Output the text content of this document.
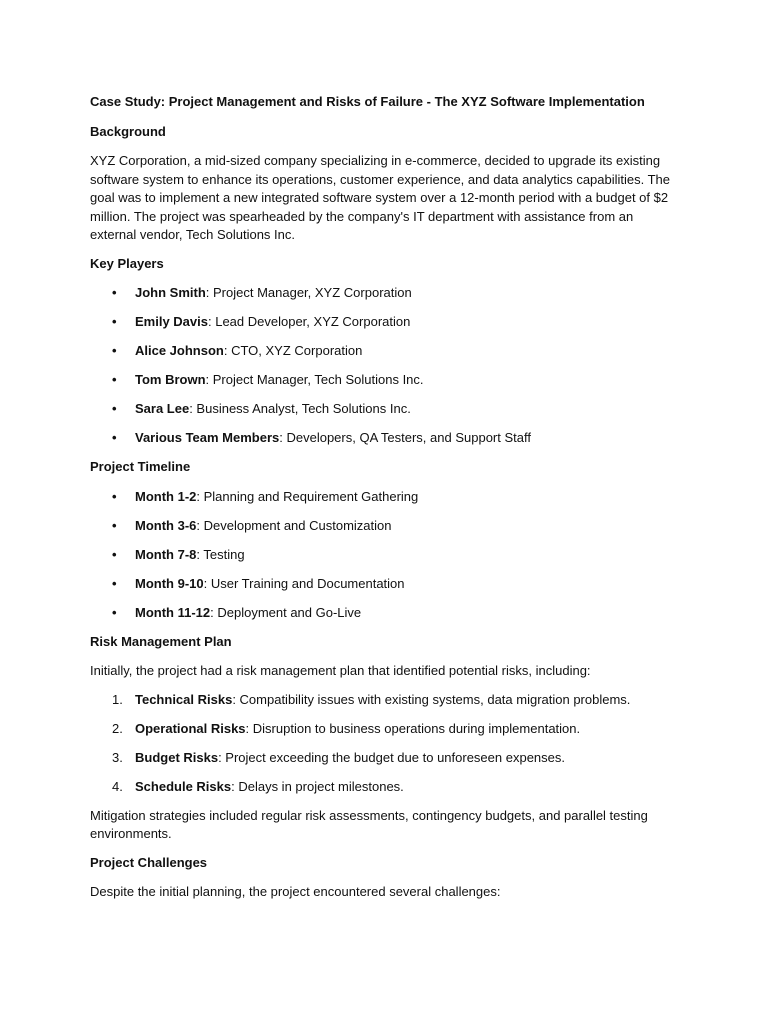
Case Study: Project Management and Risks of Failure - The XYZ Software Implementation
Background

XYZ Corporation, a mid-sized company specializing in e-commerce, decided to upgrade its existing software system to enhance its operations, customer experience, and data analytics capabilities. The goal was to implement a new integrated software system over a 12-month period with a budget of $2 million. The project was spearheaded by the company's IT department with assistance from an external vendor, Tech Solutions Inc.

Key Players
• John Smith: Project Manager, XYZ Corporation
• Emily Davis: Lead Developer, XYZ Corporation
• Alice Johnson: CTO, XYZ Corporation
• Tom Brown: Project Manager, Tech Solutions Inc.
• Sara Lee: Business Analyst, Tech Solutions Inc.
• Various Team Members: Developers, QA Testers, and Support Staff
Project Timeline
• Month 1-2: Planning and Requirement Gathering
• Month 3-6: Development and Customization
• Month 7-8: Testing
• Month 9-10: User Training and Documentation
• Month 11-12: Deployment and Go-Live
Risk Management Plan

Initially, the project had a risk management plan that identified potential risks, including:

1. Technical Risks: Compatibility issues with existing systems, data migration problems.
2. Operational Risks: Disruption to business operations during implementation.
3. Budget Risks: Project exceeding the budget due to unforeseen expenses.
4. Schedule Risks: Delays in project milestones.

Mitigation strategies included regular risk assessments, contingency budgets, and parallel testing environments.

Project Challenges

Despite the initial planning, the project encountered several challenges:
